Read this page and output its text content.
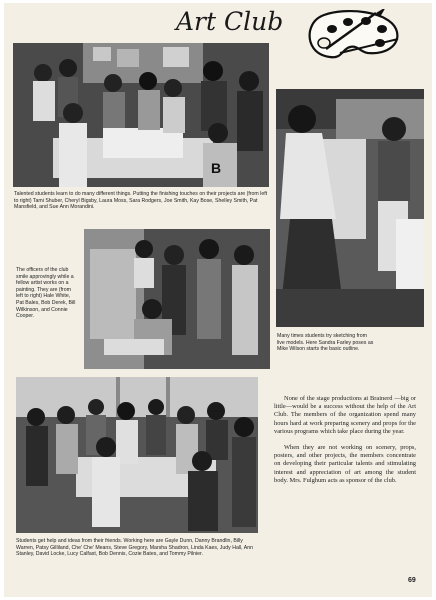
Art Club
B
Talented students learn to do many different things. Putting the finishing touches on their projects are (from left to right) Tami Shuber, Cheryl Bigsby, Laura Moss, Sara Rodgers, Joe Smith, Kay Bose, Shelley Smith, Pat Mansfield, and Sue Ann Morandini.
Many times students try sketching from live models. Here Sandra Farley poses as Mike Wilson starts the basic outline.
The officers of the club smile approvingly while a fellow artist works on a painting. They are (from left to right) Hale White, Pat Bales, Bob Derek, Bill Wilkinson, and Connie Cooper.
Students get help and ideas from their friends. Working here are Gayle Dunn, Danny Brandlin, Billy Warren, Patsy Gilliland, Che' Che' Means, Steve Gregory, Marsha Shadron, Linda Kaes, Judy Hall, Ann Stanley, David Locke, Lucy Calfast, Bob Dennis, Cozie Bates, and Tommy Pilnier.

None of the stage productions at Brainerd —big or little—would be a success without the help of the Art Club. The members of the organization spend many hours hard at work preparing scenery and props for the various programs which take place during the year.

When they are not working on scenery, props, posters, and other projects, the members concentrate on developing their particular talents and stimulating interest and appreciation of art among the student body. Mrs. Fulghum acts as sponsor of the club.

69
